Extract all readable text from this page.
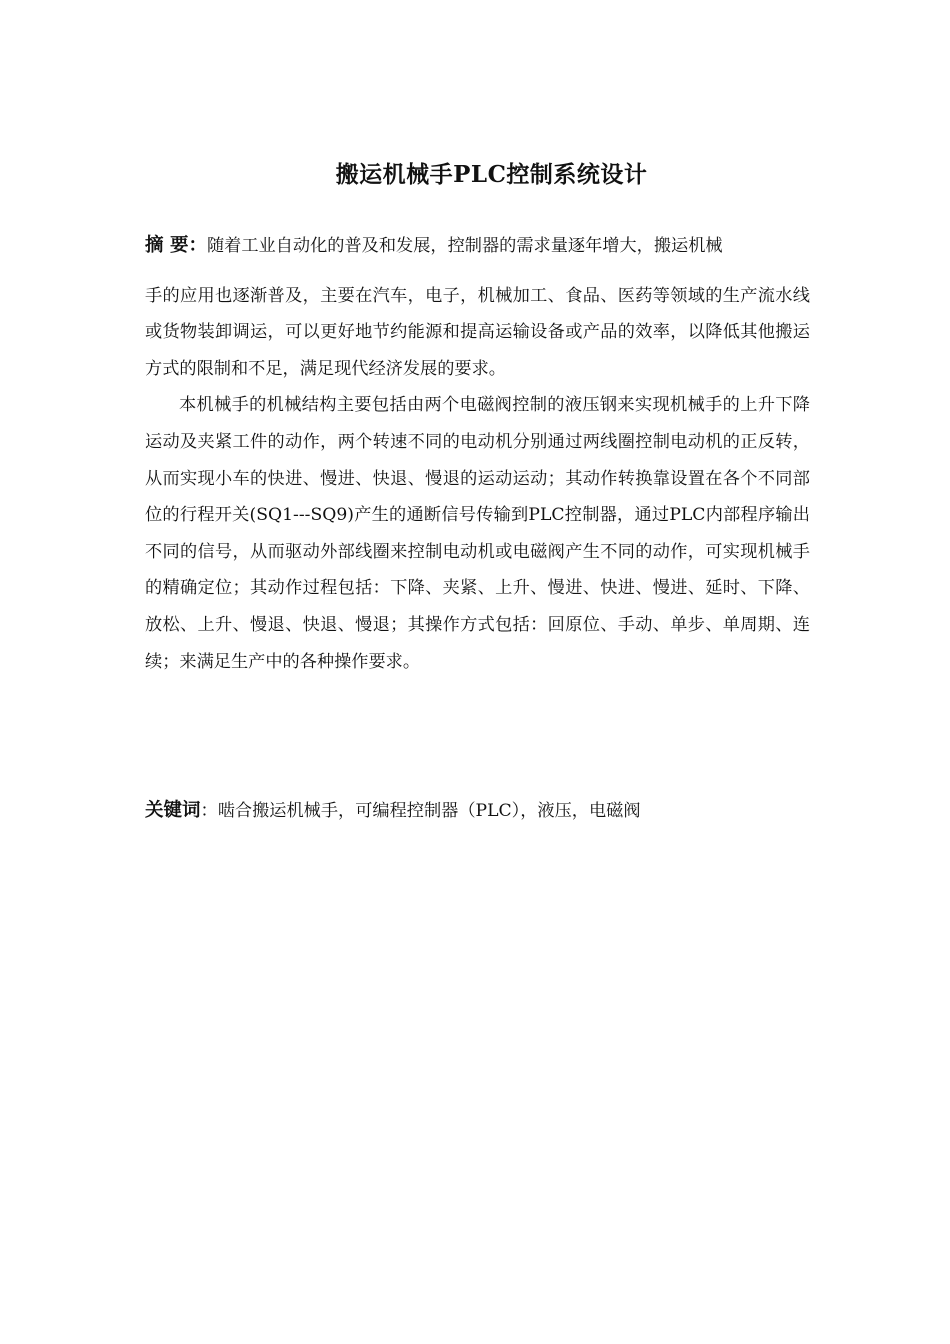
搬运机械手PLC控制系统设计

摘 要：随着工业自动化的普及和发展，控制器的需求量逐年增大，搬运机械
手的应用也逐渐普及，主要在汽车，电子，机械加工、食品、医药等领域的生产流水线或货物装卸调运，可以更好地节约能源和提高运输设备或产品的效率，以降低其他搬运方式的限制和不足，满足现代经济发展的要求。

本机械手的机械结构主要包括由两个电磁阀控制的液压钢来实现机械手的上升下降运动及夹紧工件的动作，两个转速不同的电动机分别通过两线圈控制电动机的正反转，从而实现小车的快进、慢进、快退、慢退的运动运动；其动作转换靠设置在各个不同部位的行程开关(SQ1---SQ9)产生的通断信号传输到PLC控制器，通过PLC内部程序输出不同的信号，从而驱动外部线圈来控制电动机或电磁阀产生不同的动作，可实现机械手的精确定位；其动作过程包括：下降、夹紧、上升、慢进、快进、慢进、延时、下降、放松、上升、慢退、快退、慢退；其操作方式包括：回原位、手动、单步、单周期、连续；来满足生产中的各种操作要求。

关键词：啮合搬运机械手，可编程控制器（PLC），液压，电磁阀
